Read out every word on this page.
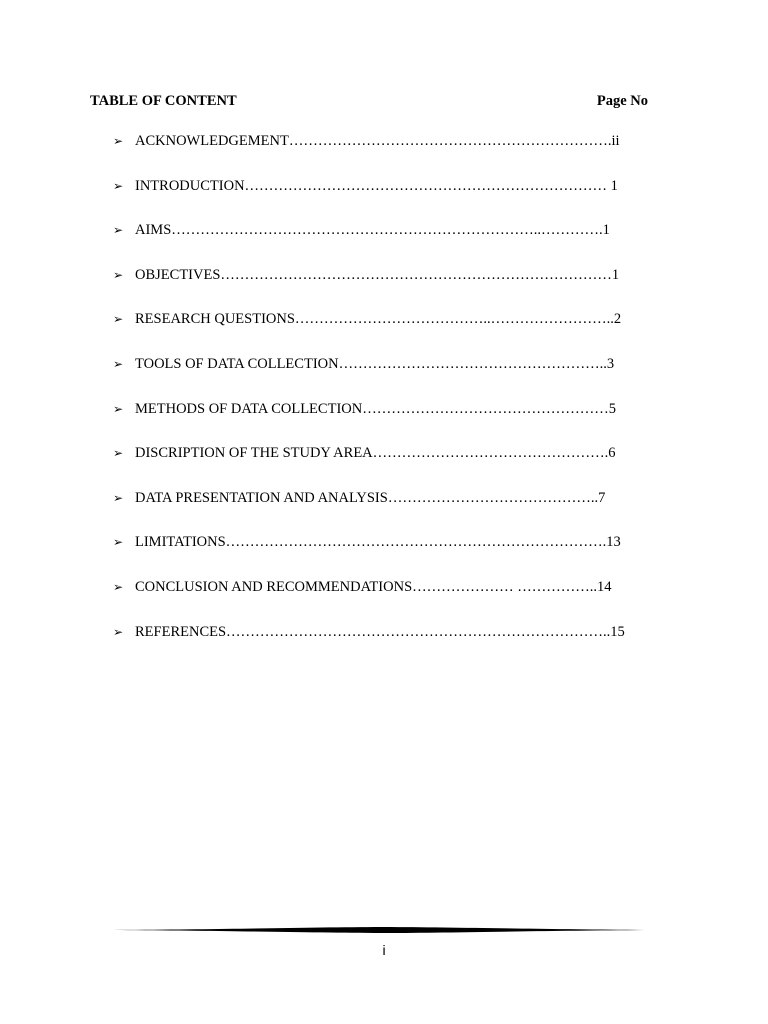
TABLE OF CONTENT	Page No
➢ ACKNOWLEDGEMENT………………………………………………………….ii
➢ INTRODUCTION………………………………………………………………… 1
➢ AIMS…………………………………………………………………..………….1
➢ OBJECTIVES………………………………………………………………………1
➢ RESEARCH QUESTIONS…………………………………..……………………..2
➢ TOOLS OF DATA COLLECTION………………………………………………..3
➢ METHODS OF DATA COLLECTION……………………………………………5
➢ DISCRIPTION OF THE STUDY AREA………………………………………….6
➢ DATA PRESENTATION AND ANALYSIS……………………………………..7
➢ LIMITATIONS…………………………………………………………………….13
➢ CONCLUSION AND RECOMMENDATIONS………………… ……………..14
➢ REFERENCES……………………………………………………………………..15
i
